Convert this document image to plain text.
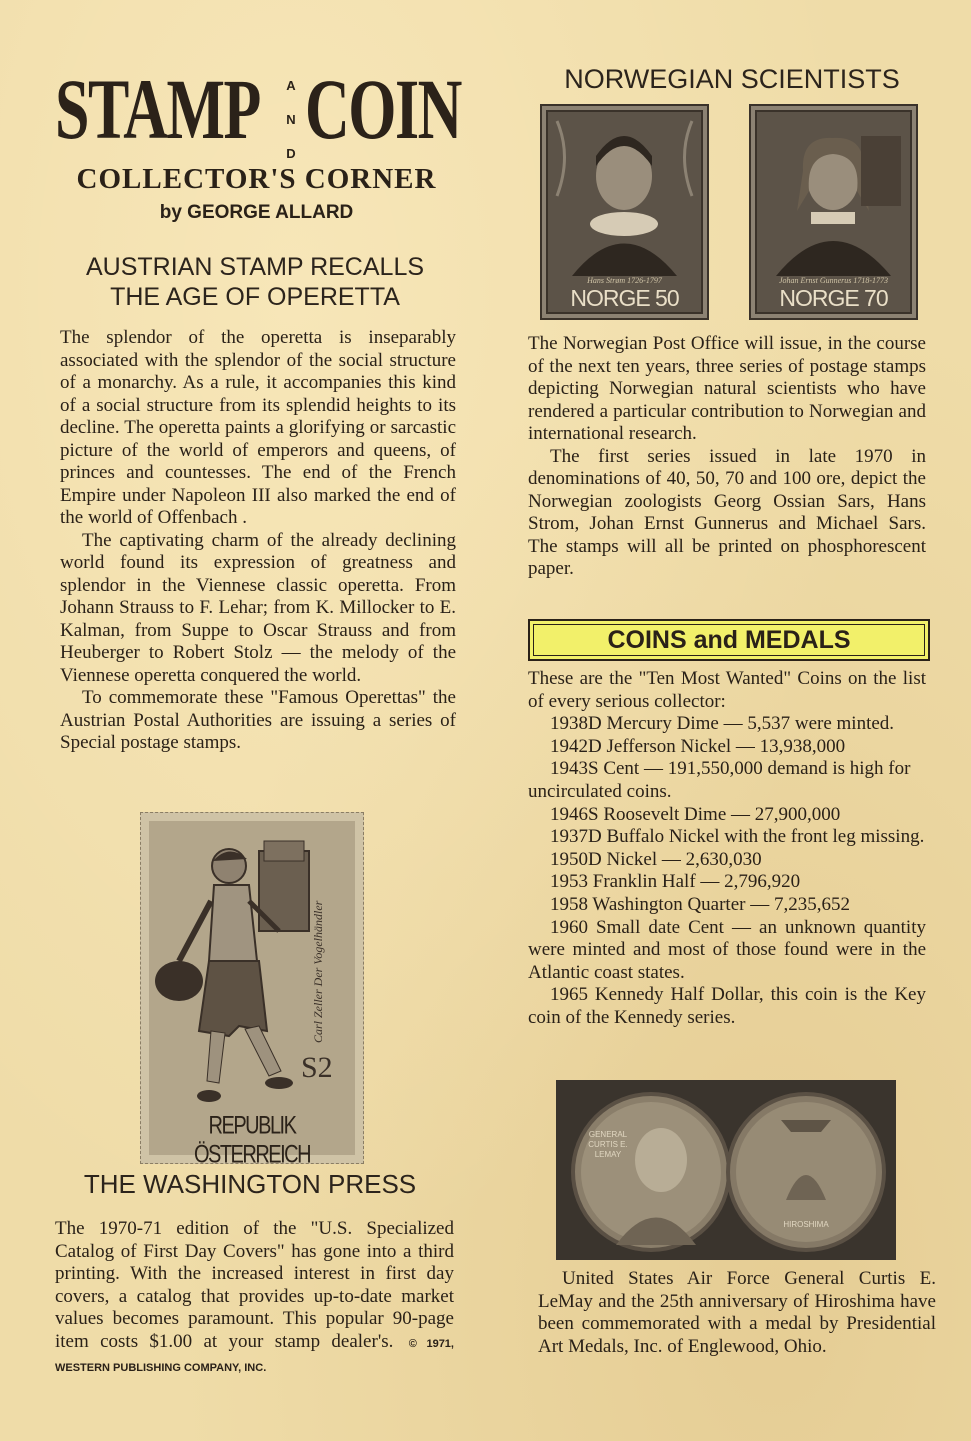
STAMP A N D COIN
COLLECTOR'S CORNER
by GEORGE ALLARD
AUSTRIAN STAMP RECALLS
THE AGE OF OPERETTA

The splendor of the operetta is inseparably associated with the splendor of the social structure of a monarchy. As a rule, it accompanies this kind of a social structure from its splendid heights to its decline. The operetta paints a glorifying or sarcastic picture of the world of emperors and queens, of princes and countesses. The end of the French Empire under Napoleon III also marked the end of the world of Offenbach .

The captivating charm of the already declining world found its expression of greatness and splendor in the Viennese classic operetta. From Johann Strauss to F. Lehar; from K. Millocker to E. Kalman, from Suppe to Oscar Strauss and from Heuberger to Robert Stolz — the melody of the Viennese operetta conquered the world.

To commemorate these "Famous Operettas" the Austrian Postal Authorities are issuing a series of Special postage stamps.

Carl Zeller Der Vogelhändler
S2
REPUBLIK ÖSTERREICH
THE WASHINGTON PRESS

The 1970-71 edition of the "U.S. Specialized Catalog of First Day Covers" has gone into a third printing. With the increased interest in first day covers, a catalog that provides up-to-date market values becomes paramount. This popular 90-page item costs $1.00 at your stamp dealer's. © 1971, WESTERN PUBLISHING COMPANY, INC.
NORWEGIAN SCIENTISTS
Hans Strøm 1726-1797
NORGE 50
Johan Ernst Gunnerus 1718-1773
NORGE 70

The Norwegian Post Office will issue, in the course of the next ten years, three series of postage stamps depicting Norwegian natural scientists who have rendered a particular contribution to Norwegian and international research.

The first series issued in late 1970 in denominations of 40, 50, 70 and 100 ore, depict the Norwegian zoologists Georg Ossian Sars, Hans Strom, Johan Ernst Gunnerus and Michael Sars. The stamps will all be printed on phosphorescent paper.

COINS and MEDALS
These are the "Ten Most Wanted" Coins on the list of every serious collector:
1938D Mercury Dime — 5,537 were minted.
1942D Jefferson Nickel — 13,938,000
1943S Cent — 191,550,000 demand is high for uncirculated coins.
1946S Roosevelt Dime — 27,900,000
1937D Buffalo Nickel with the front leg missing.
1950D Nickel — 2,630,030
1953 Franklin Half — 2,796,920
1958 Washington Quarter — 7,235,652
1960 Small date Cent — an unknown quantity were minted and most of those found were in the Atlantic coast states.
1965 Kennedy Half Dollar, this coin is the Key coin of the Kennedy series.
GENERAL CURTIS E. LEMAY
HIROSHIMA
United States Air Force General Curtis E. LeMay and the 25th anniversary of Hiroshima have been commemorated with a medal by Presidential Art Medals, Inc. of Englewood, Ohio.
